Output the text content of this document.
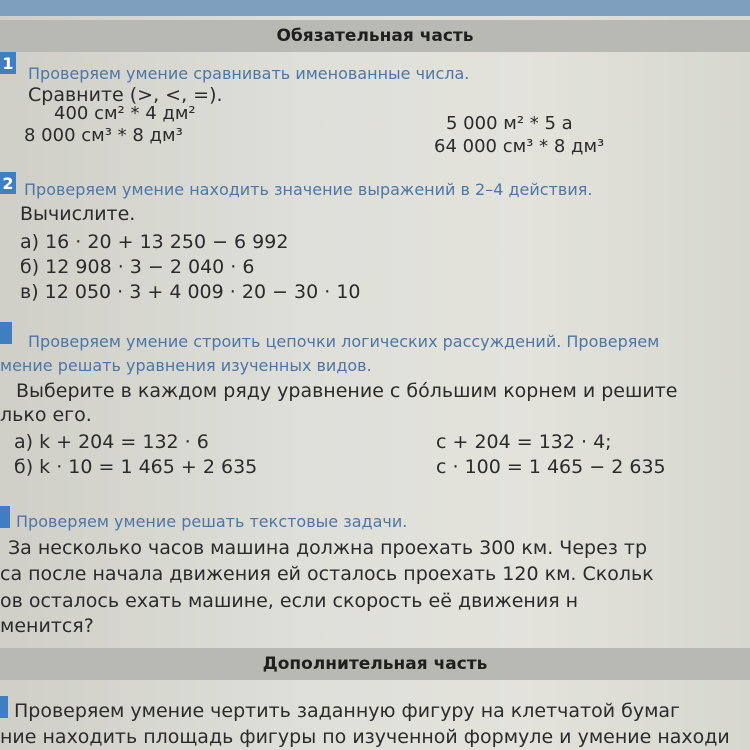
Обязательная часть
1
Проверяем умение сравнивать именованные числа.
Сравните (>, <, =).
400 см² * 4 дм²
8 000 см³ * 8 дм³
5 000 м² * 5 а
64 000 см³ * 8 дм³
2 Проверяем умение находить значение выражений в 2–4 действия.
Вычислите.
а) 16 · 20 + 13 250 − 6 992
б) 12 908 · 3 − 2 040 · 6
в) 12 050 · 3 + 4 009 · 20 − 30 · 10
Проверяем умение строить цепочки логических рассуждений. Проверяем
мение решать уравнения изученных видов.
Выберите в каждом ряду уравнение с бо́льшим корнем и решите
лько его.
а) k + 204 = 132 · 6
б) k · 10 = 1 465 + 2 635
c + 204 = 132 · 4;
c · 100 = 1 465 − 2 635
Проверяем умение решать текстовые задачи.
За несколько часов машина должна проехать 300 км. Через тр
са после начала движения ей осталось проехать 120 км. Скольк
ов осталось ехать машине, если скорость её движения н
менится?
Дополнительная часть
Проверяем умение чертить заданную фигуру на клетчатой бумаг
ние находить площадь фигуры по изученной формуле и умение находи
